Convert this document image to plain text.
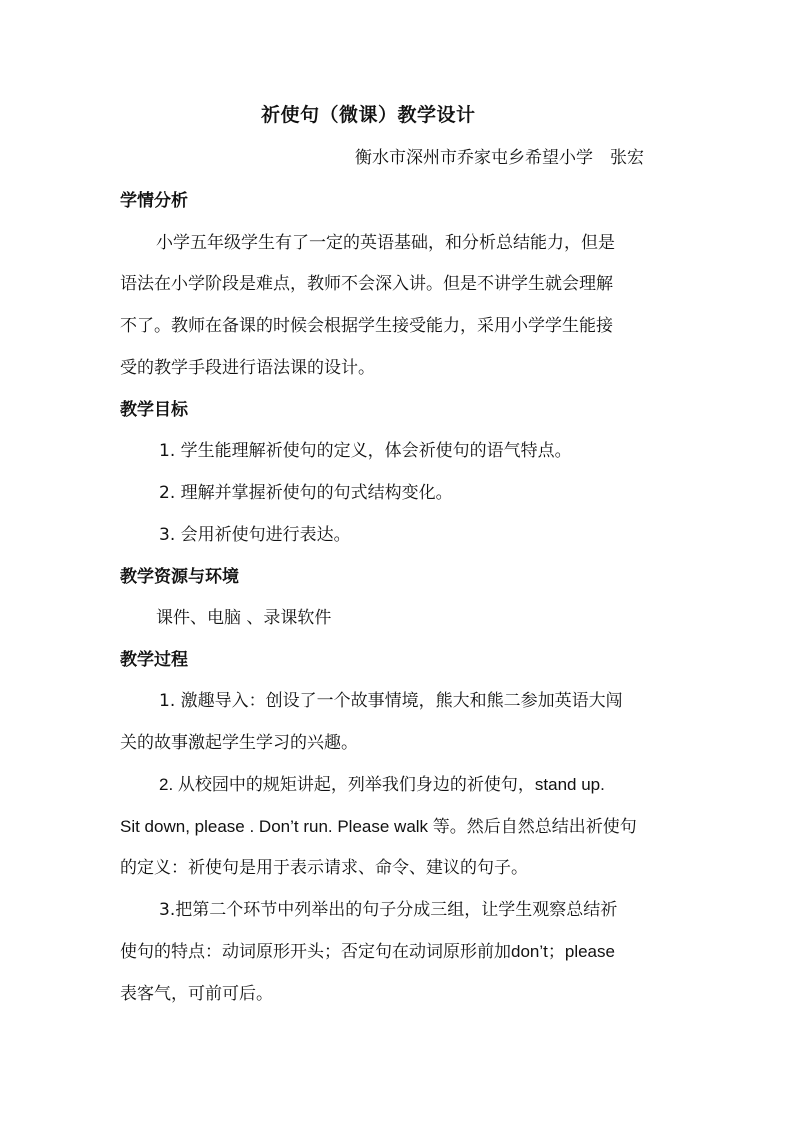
祈使句（微课）教学设计
衡水市深州市乔家屯乡希望小学　张宏
学情分析
小学五年级学生有了一定的英语基础，和分析总结能力，但是
语法在小学阶段是难点，教师不会深入讲。但是不讲学生就会理解
不了。教师在备课的时候会根据学生接受能力，采用小学学生能接
受的教学手段进行语法课的设计。
教学目标
1. 学生能理解祈使句的定义，体会祈使句的语气特点。
2. 理解并掌握祈使句的句式结构变化。
3. 会用祈使句进行表达。
教学资源与环境
课件、电脑 、录课软件
教学过程
1. 激趣导入：创设了一个故事情境，熊大和熊二参加英语大闯
关的故事激起学生学习的兴趣。
2. 从校园中的规矩讲起，列举我们身边的祈使句，stand up.
Sit down, please . Don’t run. Please walk 等。然后自然总结出祈使句
的定义：祈使句是用于表示请求、命令、建议的句子。
3.把第二个环节中列举出的句子分成三组，让学生观察总结祈
使句的特点：动词原形开头；否定句在动词原形前加don’t；please
表客气，可前可后。
